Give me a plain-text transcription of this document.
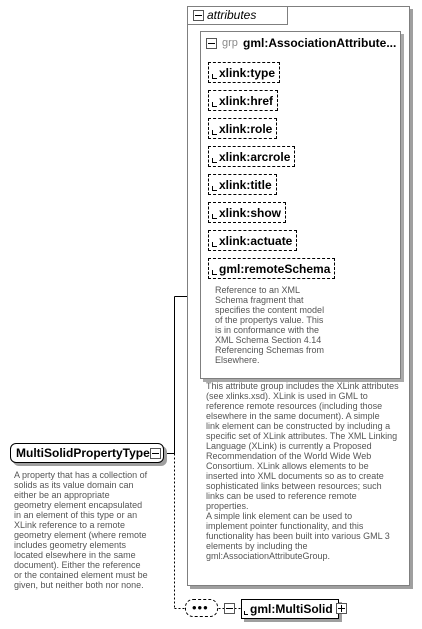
attributes
grp gml:AssociationAttribute...
xlink:type
xlink:href
xlink:role
xlink:arcrole
xlink:title
xlink:show
xlink:actuate
gml:remoteSchema
Reference to an XML
Schema fragment that
specifies the content model
of the propertys value. This
is in conformance with the
XML Schema Section 4.14
Referencing Schemas from
Elsewhere.
This attribute group includes the XLink attributes
(see xlinks.xsd). XLink is used in GML to
reference remote resources (including those
elsewhere in the same document). A simple
link element can be constructed by including a
specific set of XLink attributes. The XML Linking
Language (XLink) is currently a Proposed
Recommendation of the World Wide Web
Consortium. XLink allows elements to be
inserted into XML documents so as to create
sophisticated links between resources; such
links can be used to reference remote
properties.
A simple link element can be used to
implement pointer functionality, and this
functionality has been built into various GML 3
elements by including the
gml:AssociationAttributeGroup.
MultiSolidPropertyType
A property that has a collection of
solids as its value domain can
either be an appropriate
geometry element encapsulated
in an element of this type or an
XLink reference to a remote
geometry element (where remote
includes geometry elements
located elsewhere in the same
document). Either the reference
or the contained element must be
given, but neither both nor none.
•••	gml:MultiSolid
